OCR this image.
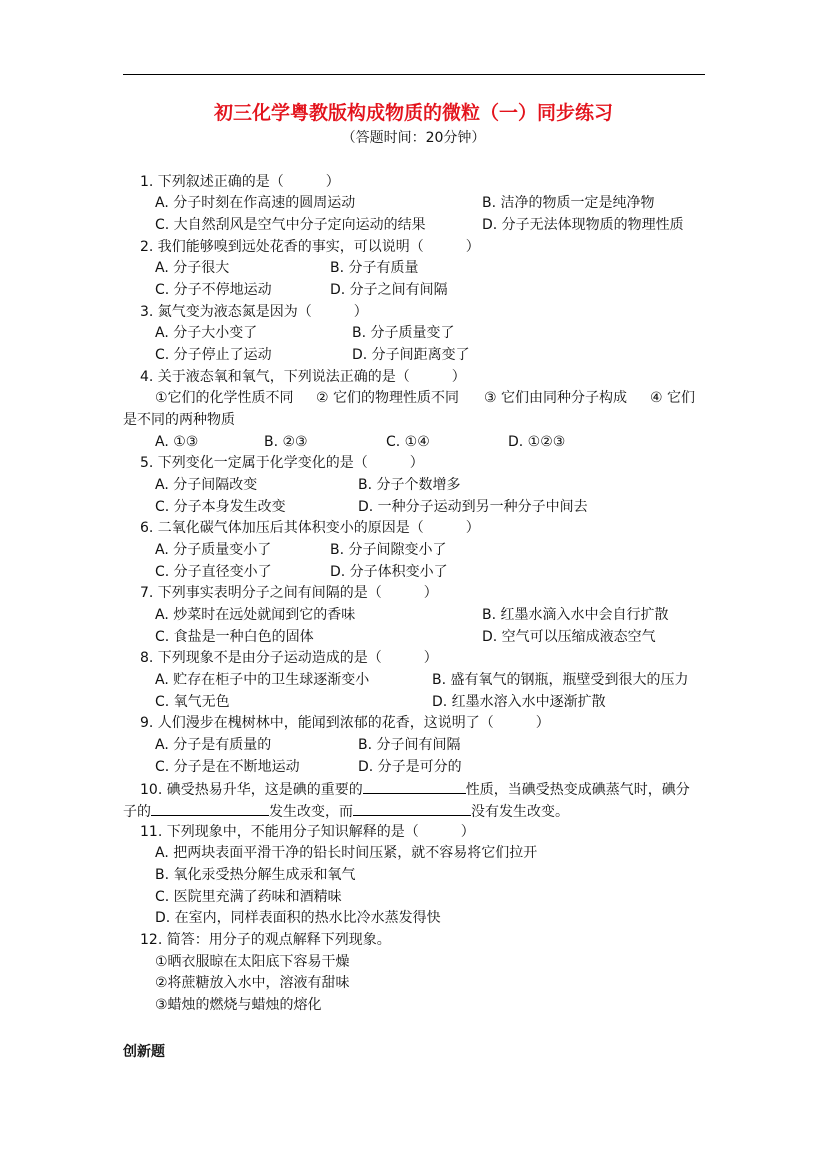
初三化学粤教版构成物质的微粒（一）同步练习
（答题时间：20分钟）
1. 下列叙述正确的是（　　　）
A. 分子时刻在作高速的圆周运动	B. 洁净的物质一定是纯净物
C. 大自然刮风是空气中分子定向运动的结果	D. 分子无法体现物质的物理性质
2. 我们能够嗅到远处花香的事实，可以说明（　　　）
A. 分子很大	B. 分子有质量
C. 分子不停地运动	D. 分子之间有间隔
3. 氮气变为液态氮是因为（　　　）
A. 分子大小变了	B. 分子质量变了
C. 分子停止了运动	D. 分子间距离变了
4. 关于液态氧和氧气，下列说法正确的是（　　　）
①它们的化学性质不同 ② 它们的物理性质不同 ③ 它们由同种分子构成 ④ 它们
是不同的两种物质
A. ①③	B. ②③	C. ①④	D. ①②③
5. 下列变化一定属于化学变化的是（　　　）
A. 分子间隔改变	B. 分子个数增多
C. 分子本身发生改变	D. 一种分子运动到另一种分子中间去
6. 二氧化碳气体加压后其体积变小的原因是（　　　）
A. 分子质量变小了	B. 分子间隙变小了
C. 分子直径变小了	D. 分子体积变小了
7. 下列事实表明分子之间有间隔的是（　　　）
A. 炒菜时在远处就闻到它的香味	B. 红墨水滴入水中会自行扩散
C. 食盐是一种白色的固体	D. 空气可以压缩成液态空气
8. 下列现象不是由分子运动造成的是（　　　）
A. 贮存在柜子中的卫生球逐渐变小	B. 盛有氧气的钢瓶，瓶壁受到很大的压力
C. 氧气无色	D. 红墨水溶入水中逐渐扩散
9. 人们漫步在槐树林中，能闻到浓郁的花香，这说明了（　　　）
A. 分子是有质量的	B. 分子间有间隔
C. 分子是在不断地运动	D. 分子是可分的
10. 碘受热易升华，这是碘的重要的	性质，当碘受热变成碘蒸气时，碘分
子的	发生改变，而	没有发生改变。
11. 下列现象中，不能用分子知识解释的是（　　　）
A. 把两块表面平滑干净的铅长时间压紧，就不容易将它们拉开
B. 氧化汞受热分解生成汞和氧气
C. 医院里充满了药味和酒精味
D. 在室内，同样表面积的热水比冷水蒸发得快
12. 简答：用分子的观点解释下列现象。
①晒衣服晾在太阳底下容易干燥
②将蔗糖放入水中，溶液有甜味
③蜡烛的燃烧与蜡烛的熔化
创新题
